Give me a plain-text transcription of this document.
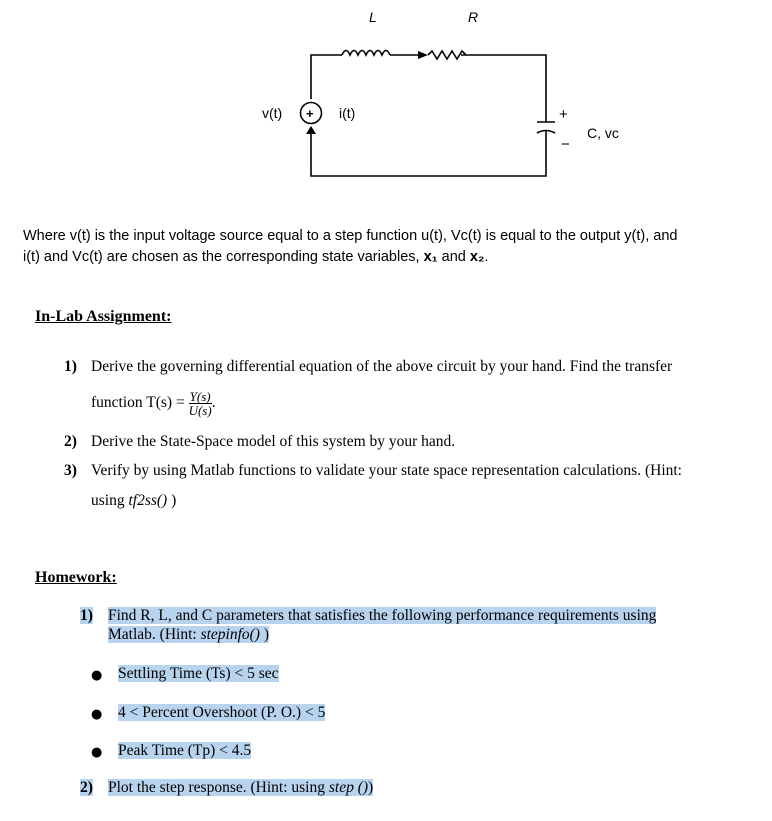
L	R
v(t) + i(t)	+
−
C, vc
Where v(t) is the input voltage source equal to a step function u(t), Vc(t) is equal to the output y(t), and
i(t) and Vc(t) are chosen as the corresponding state variables, x₁ and x₂.
In-Lab Assignment:
1) Derive the governing differential equation of the above circuit by your hand. Find the transfer
function $T(s) = \frac{Y(s)}{U(s)}$ .
2) Derive the State-Space model of this system by your hand.
3) Verify by using Matlab functions to validate your state space representation calculations. (Hint:
using tf2ss() )
Homework:
1) Find R, L, and C parameters that satisfies the following performance requirements using
Matlab. (Hint: stepinfo() )
● Settling Time (Ts) < 5 sec
● 4 < Percent Overshoot (P. O.) < 5
● Peak Time (Tp) < 4.5
2) Plot the step response. (Hint: using step ())
